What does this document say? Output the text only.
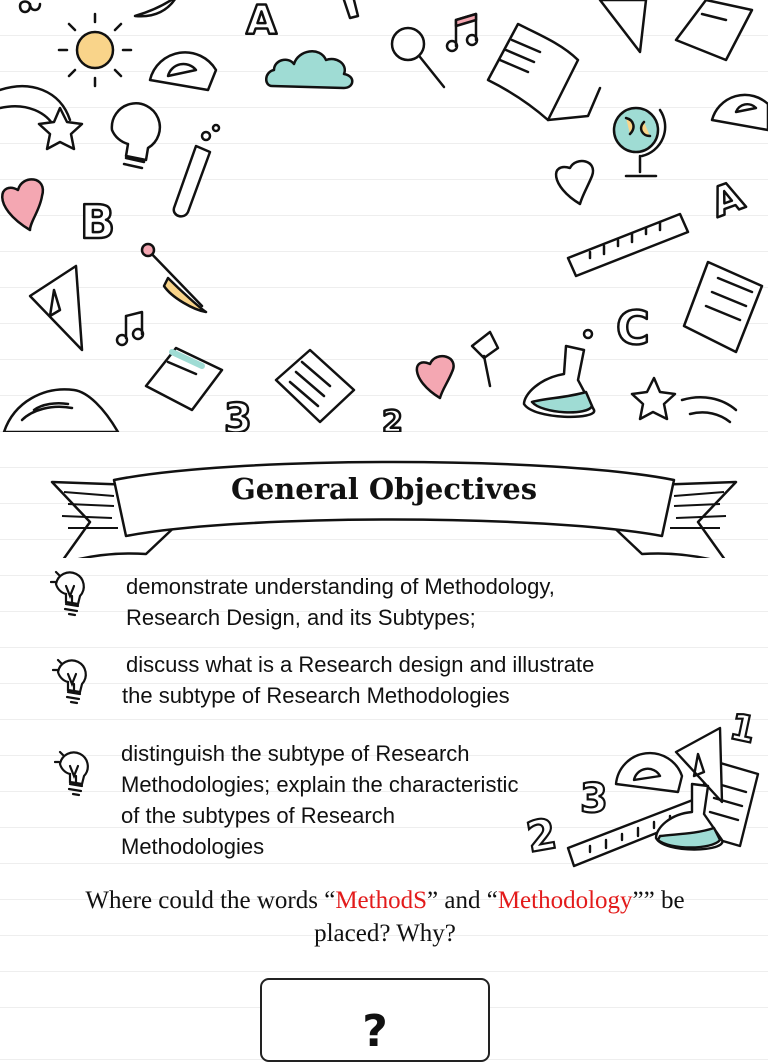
B
3	2
C
A
A
General Objectives
demonstrate understanding of Methodology,
Research Design, and its Subtypes;
discuss what is a Research design and illustrate
the subtype of Research Methodologies
distinguish the subtype of Research
Methodologies; explain the characteristic
of the subtypes of Research
Methodologies
1
3
2
Where could the words “MethodS” and “Methodology”” be
placed? Why?
?
